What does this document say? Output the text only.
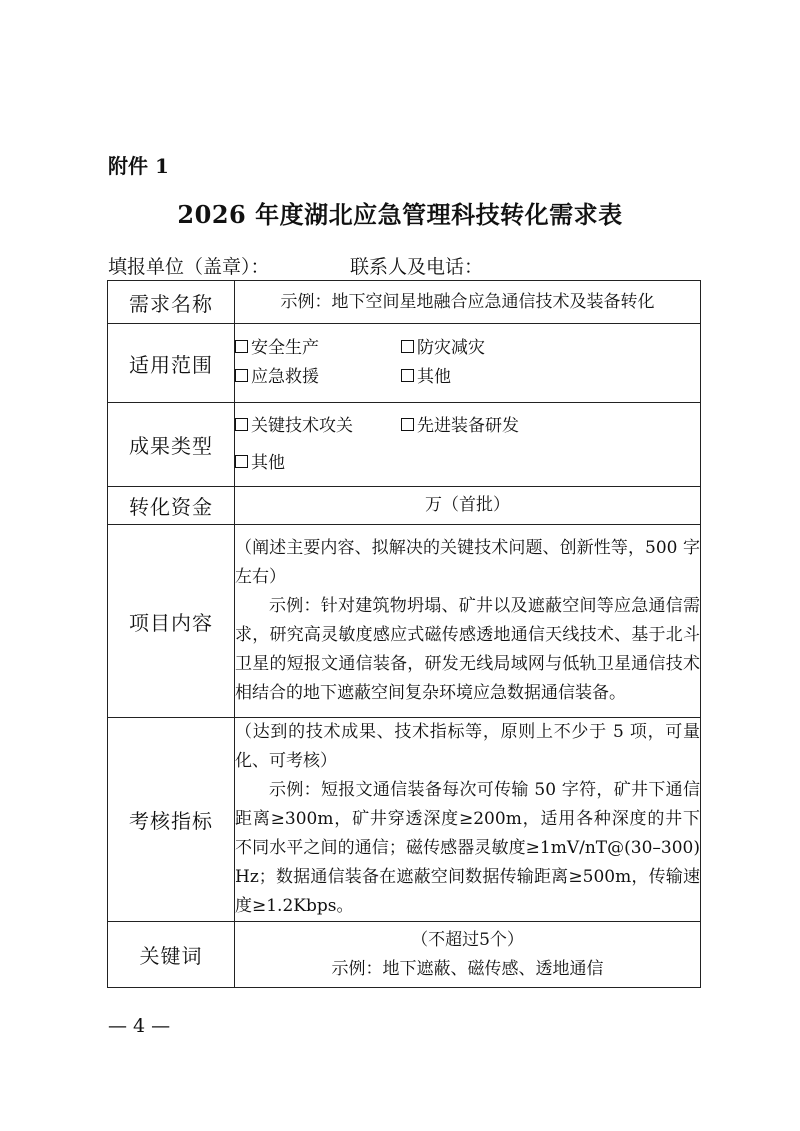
附件 1
2026 年度湖北应急管理科技转化需求表
填报单位（盖章）：	联系人及电话：
需求名称	示例：地下空间星地融合应急通信技术及装备转化
适用范围	安全生产 防灾减灾
应急救援 其他

成果类型	关键技术攻关 先进装备研发
其他

转化资金	万（首批）
项目内容	（阐述主要内容、拟解决的关键技术问题、创新性等，500 字左右）
示例：针对建筑物坍塌、矿井以及遮蔽空间等应急通信需求，研究高灵敏度感应式磁传感透地通信天线技术、基于北斗卫星的短报文通信装备，研发无线局域网与低轨卫星通信技术相结合的地下遮蔽空间复杂环境应急数据通信装备。

考核指标	（达到的技术成果、技术指标等，原则上不少于 5 项，可量化、可考核）
示例：短报文通信装备每次可传输 50 字符，矿井下通信距离≥300m，矿井穿透深度≥200m，适用各种深度的井下不同水平之间的通信；磁传感器灵敏度≥1mV/nT@(30–300)Hz；数据通信装备在遮蔽空间数据传输距离≥500m，传输速度≥1.2Kbps。

关键词	（不超过5个）
示例：地下遮蔽、磁传感、透地通信
— 4 —
